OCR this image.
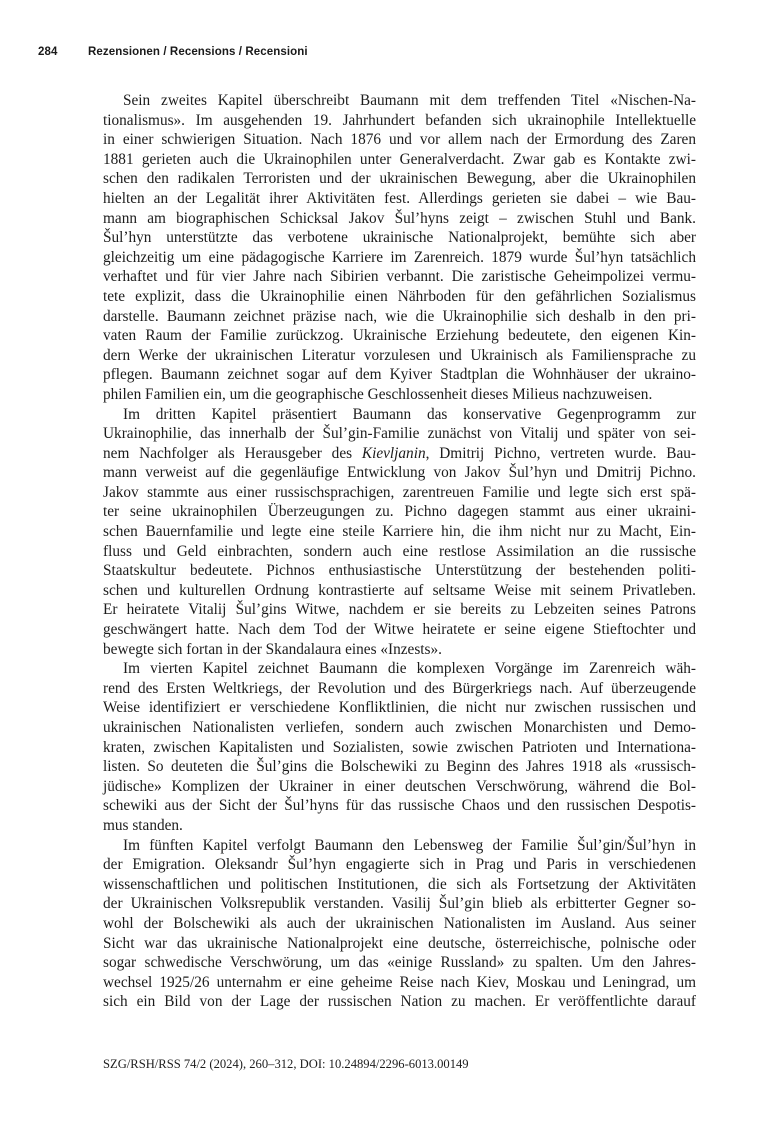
284	Rezensionen / Recensions / Recensioni
Sein zweites Kapitel überschreibt Baumann mit dem treffenden Titel «Nischen-Na-
tionalismus». Im ausgehenden 19. Jahrhundert befanden sich ukrainophile Intellektuelle
in einer schwierigen Situation. Nach 1876 und vor allem nach der Ermordung des Zaren
1881 gerieten auch die Ukrainophilen unter Generalverdacht. Zwar gab es Kontakte zwi-
schen den radikalen Terroristen und der ukrainischen Bewegung, aber die Ukrainophilen
hielten an der Legalität ihrer Aktivitäten fest. Allerdings gerieten sie dabei – wie Bau-
mann am biographischen Schicksal Jakov Šul’hyns zeigt – zwischen Stuhl und Bank.
Šul’hyn unterstützte das verbotene ukrainische Nationalprojekt, bemühte sich aber
gleichzeitig um eine pädagogische Karriere im Zarenreich. 1879 wurde Šul’hyn tatsächlich
verhaftet und für vier Jahre nach Sibirien verbannt. Die zaristische Geheimpolizei vermu-
tete explizit, dass die Ukrainophilie einen Nährboden für den gefährlichen Sozialismus
darstelle. Baumann zeichnet präzise nach, wie die Ukrainophilie sich deshalb in den pri-
vaten Raum der Familie zurückzog. Ukrainische Erziehung bedeutete, den eigenen Kin-
dern Werke der ukrainischen Literatur vorzulesen und Ukrainisch als Familiensprache zu
pflegen. Baumann zeichnet sogar auf dem Kyiver Stadtplan die Wohnhäuser der ukraino-
philen Familien ein, um die geographische Geschlossenheit dieses Milieus nachzuweisen.
Im dritten Kapitel präsentiert Baumann das konservative Gegenprogramm zur
Ukrainophilie, das innerhalb der Šul’gin-Familie zunächst von Vitalij und später von sei-
nem Nachfolger als Herausgeber des Kievljanin, Dmitrij Pichno, vertreten wurde. Bau-
mann verweist auf die gegenläufige Entwicklung von Jakov Šul’hyn und Dmitrij Pichno.
Jakov stammte aus einer russischsprachigen, zarentreuen Familie und legte sich erst spä-
ter seine ukrainophilen Überzeugungen zu. Pichno dagegen stammt aus einer ukraini-
schen Bauernfamilie und legte eine steile Karriere hin, die ihm nicht nur zu Macht, Ein-
fluss und Geld einbrachten, sondern auch eine restlose Assimilation an die russische
Staatskultur bedeutete. Pichnos enthusiastische Unterstützung der bestehenden politi-
schen und kulturellen Ordnung kontrastierte auf seltsame Weise mit seinem Privatleben.
Er heiratete Vitalij Šul’gins Witwe, nachdem er sie bereits zu Lebzeiten seines Patrons
geschwängert hatte. Nach dem Tod der Witwe heiratete er seine eigene Stieftochter und
bewegte sich fortan in der Skandalaura eines «Inzests».
Im vierten Kapitel zeichnet Baumann die komplexen Vorgänge im Zarenreich wäh-
rend des Ersten Weltkriegs, der Revolution und des Bürgerkriegs nach. Auf überzeugende
Weise identifiziert er verschiedene Konfliktlinien, die nicht nur zwischen russischen und
ukrainischen Nationalisten verliefen, sondern auch zwischen Monarchisten und Demo-
kraten, zwischen Kapitalisten und Sozialisten, sowie zwischen Patrioten und Internationa-
listen. So deuteten die Šul’gins die Bolschewiki zu Beginn des Jahres 1918 als «russisch-
jüdische» Komplizen der Ukrainer in einer deutschen Verschwörung, während die Bol-
schewiki aus der Sicht der Šul’hyns für das russische Chaos und den russischen Despotis-
mus standen.
Im fünften Kapitel verfolgt Baumann den Lebensweg der Familie Šul’gin/Šul’hyn in
der Emigration. Oleksandr Šul’hyn engagierte sich in Prag und Paris in verschiedenen
wissenschaftlichen und politischen Institutionen, die sich als Fortsetzung der Aktivitäten
der Ukrainischen Volksrepublik verstanden. Vasilij Šul’gin blieb als erbitterter Gegner so-
wohl der Bolschewiki als auch der ukrainischen Nationalisten im Ausland. Aus seiner
Sicht war das ukrainische Nationalprojekt eine deutsche, österreichische, polnische oder
sogar schwedische Verschwörung, um das «einige Russland» zu spalten. Um den Jahres-
wechsel 1925/26 unternahm er eine geheime Reise nach Kiev, Moskau und Leningrad, um
sich ein Bild von der Lage der russischen Nation zu machen. Er veröffentlichte darauf
SZG/RSH/RSS 74/2 (2024), 260–312, DOI: 10.24894/2296-6013.00149
